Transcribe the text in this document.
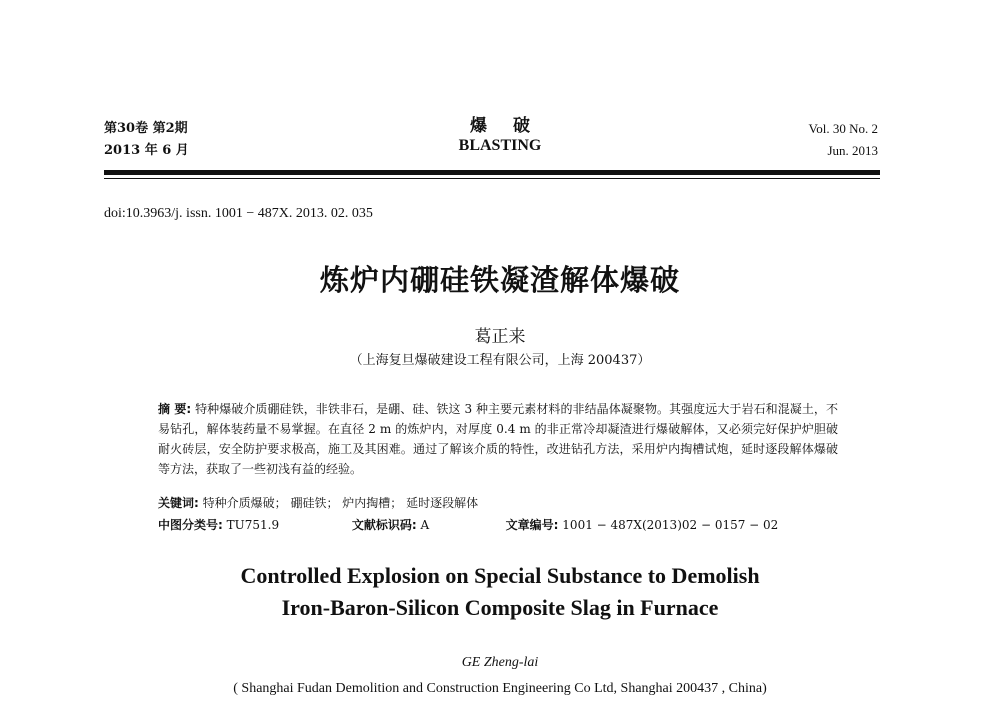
第30卷 第2期
2013 年 6 月
爆 破
BLASTING
Vol. 30 No. 2
Jun. 2013
doi:10.3963/j. issn. 1001 − 487X. 2013. 02. 035
炼炉内硼硅铁凝渣解体爆破
葛正来
（上海复旦爆破建设工程有限公司，上海 200437）
摘 要: 特种爆破介质硼硅铁，非铁非石，是硼、硅、铁这 3 种主要元素材料的非结晶体凝聚物。其强度远大于岩石和混凝土，不易钻孔，解体装药量不易掌握。在直径 2 m 的炼炉内，对厚度 0.4 m 的非正常冷却凝渣进行爆破解体，又必须完好保护炉胆破耐火砖层，安全防护要求极高，施工及其困难。通过了解该介质的特性，改进钻孔方法，采用炉内掏槽试炮，延时逐段解体爆破等方法，获取了一些初浅有益的经验。
关键词: 特种介质爆破； 硼硅铁； 炉内掏槽； 延时逐段解体
中图分类号: TU751.9	文献标识码: A	文章编号: 1001 − 487X(2013)02 − 0157 − 02
Controlled Explosion on Special Substance to Demolish
Iron-Baron-Silicon Composite Slag in Furnace
GE Zheng-lai
( Shanghai Fudan Demolition and Construction Engineering Co Ltd, Shanghai 200437 , China)
